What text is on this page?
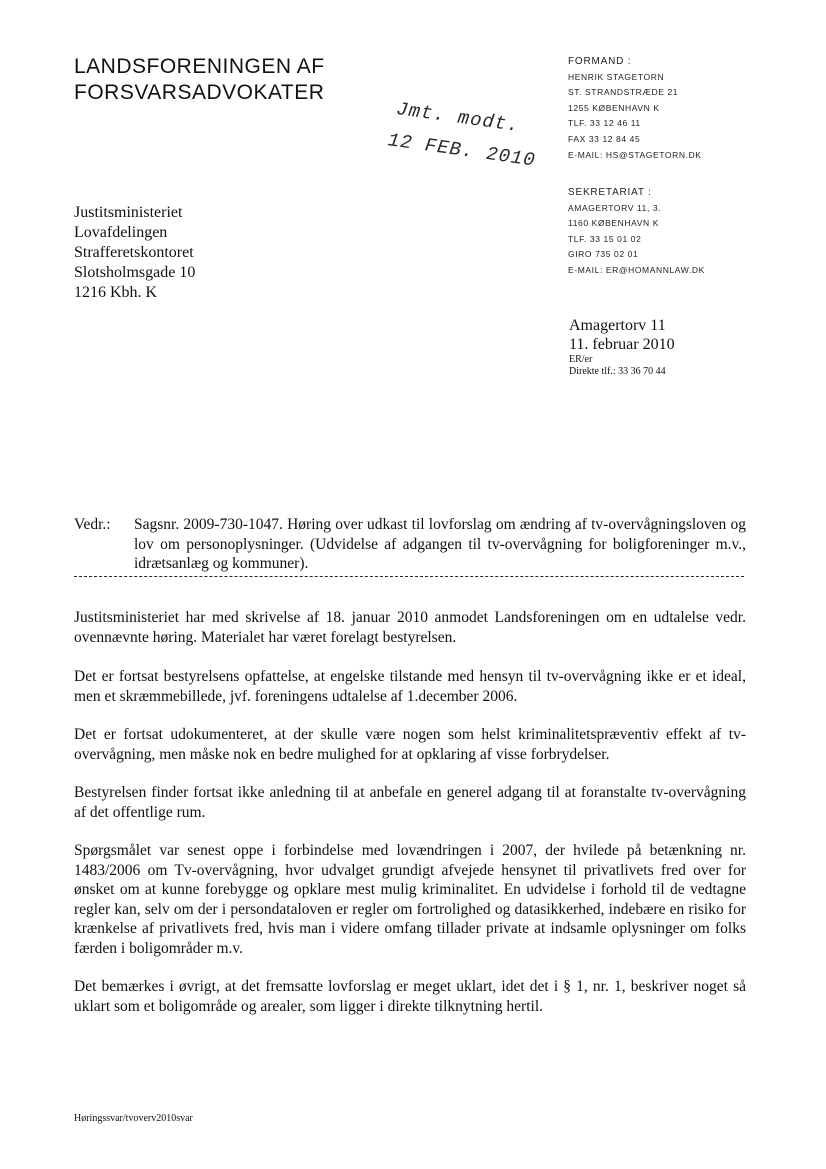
LANDSFORENINGEN AF
FORSVARSADVOKATER
Jmt. modt.
12 FEB. 2010
FORMAND :
HENRIK STAGETORN
ST. STRANDSTRÆDE 21
1255 KØBENHAVN K
TLF. 33 12 46 11
FAX 33 12 84 45
E-MAIL: HS@STAGETORN.DK
SEKRETARIAT :
AMAGERTORV 11, 3.
1160 KØBENHAVN K
TLF. 33 15 01 02
GIRO 735 02 01
E-MAIL: ER@HOMANNLAW.DK
Justitsministeriet
Lovafdelingen
Strafferetskontoret
Slotsholmsgade 10
1216 Kbh. K
Amagertorv 11
11. februar 2010
ER/er
Direkte tlf.: 33 36 70 44
Vedr.: Sagsnr. 2009-730-1047. Høring over udkast til lovforslag om ændring af tv-overvågningsloven og lov om personoplysninger. (Udvidelse af adgangen til tv-overvågning for boligforeninger m.v., idrætsanlæg og kommuner).
Justitsministeriet har med skrivelse af 18. januar 2010 anmodet Landsforeningen om en udtalelse vedr. ovennævnte høring. Materialet har været forelagt bestyrelsen.
Det er fortsat bestyrelsens opfattelse, at engelske tilstande med hensyn til tv-overvågning ikke er et ideal, men et skræmmebillede, jvf. foreningens udtalelse af 1.december 2006.
Det er fortsat udokumenteret, at der skulle være nogen som helst kriminalitetspræventiv effekt af tv-overvågning, men måske nok en bedre mulighed for at opklaring af visse forbrydelser.
Bestyrelsen finder fortsat ikke anledning til at anbefale en generel adgang til at foranstalte tv-overvågning af det offentlige rum.
Spørgsmålet var senest oppe i forbindelse med lovændringen i 2007, der hvilede på betænkning nr. 1483/2006 om Tv-overvågning, hvor udvalget grundigt afvejede hensynet til privatlivets fred over for ønsket om at kunne forebygge og opklare mest mulig kriminalitet. En udvidelse i forhold til de vedtagne regler kan, selv om der i persondataloven er regler om fortrolighed og datasikkerhed, indebære en risiko for krænkelse af privatlivets fred, hvis man i videre omfang tillader private at indsamle oplysninger om folks færden i boligområder m.v.
Det bemærkes i øvrigt, at det fremsatte lovforslag er meget uklart, idet det i § 1, nr. 1, beskriver noget så uklart som et boligområde og arealer, som ligger i direkte tilknytning hertil.
Høringssvar/tvoverv2010svar
